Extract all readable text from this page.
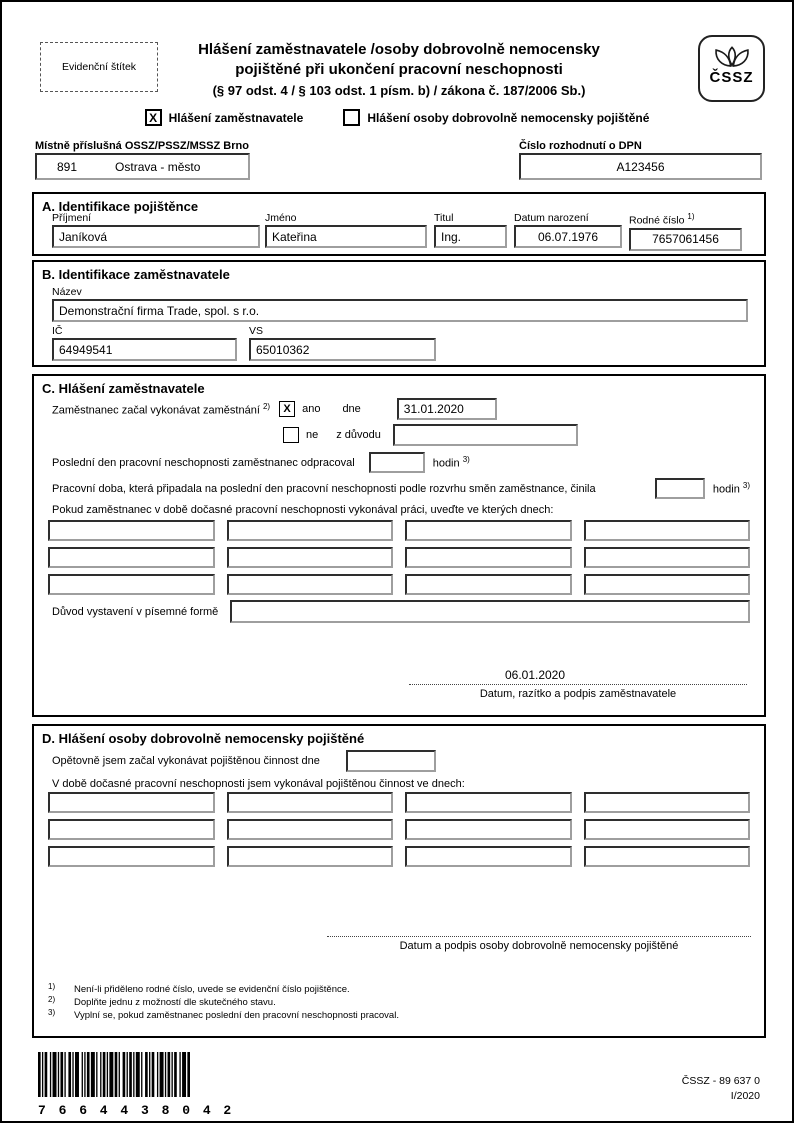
Evidenční štítek
Hlášení zaměstnavatele /osoby dobrovolně nemocensky
pojištěné při ukončení pracovní neschopnosti
(§ 97 odst. 4 / § 103 odst. 1 písm. b) / zákona č. 187/2006 Sb.)
ČSSZ
X Hlášení zaměstnavatele	Hlášení osoby dobrovolně nemocensky pojištěné
Místně příslušná OSSZ/PSSZ/MSSZ Brno
891	Ostrava - město
Číslo rozhodnutí o DPN
A123456
A. Identifikace pojištěnce
Příjmení
Janíková
Jméno
Kateřina
Titul
Ing.
Datum narození
06.07.1976
Rodné číslo $^{1)}$
7657061456
B. Identifikace zaměstnavatele
Název
Demonstrační firma Trade, spol. s r.o.
IČ
64949541
VS
65010362
C. Hlášení zaměstnavatele
Zaměstnanec začal vykonávat zaměstnání $^{2)}$	X	ano dne	31.01.2020
ne z důvodu
Poslední den pracovní neschopnosti zaměstnanec odpracoval	hodin $^{3)}$
Pracovní doba, která připadala na poslední den pracovní neschopnosti podle rozvrhu směn zaměstnance, činila	hodin $^{3)}$
Pokud zaměstnanec v době dočasné pracovní neschopnosti vykonával práci, uveďte ve kterých dnech:
Důvod vystavení v písemné formě
06.01.2020
Datum, razítko a podpis zaměstnavatele
D. Hlášení osoby dobrovolně nemocensky pojištěné
Opětovně jsem začal vykonávat pojištěnou činnost dne
V době dočasné pracovní neschopnosti jsem vykonával pojištěnou činnost ve dnech:
Datum a podpis osoby dobrovolně nemocensky pojištěné
1)	Není-li přiděleno rodné číslo, uvede se evidenční číslo pojištěnce.
2)	Doplňte jednu z možností dle skutečného stavu.
3)	Vyplní se, pokud zaměstnanec poslední den pracovní neschopnosti pracoval.
7 6 6 4 4 3 8 0 4 2
ČSSZ - 89 637 0
I/2020
